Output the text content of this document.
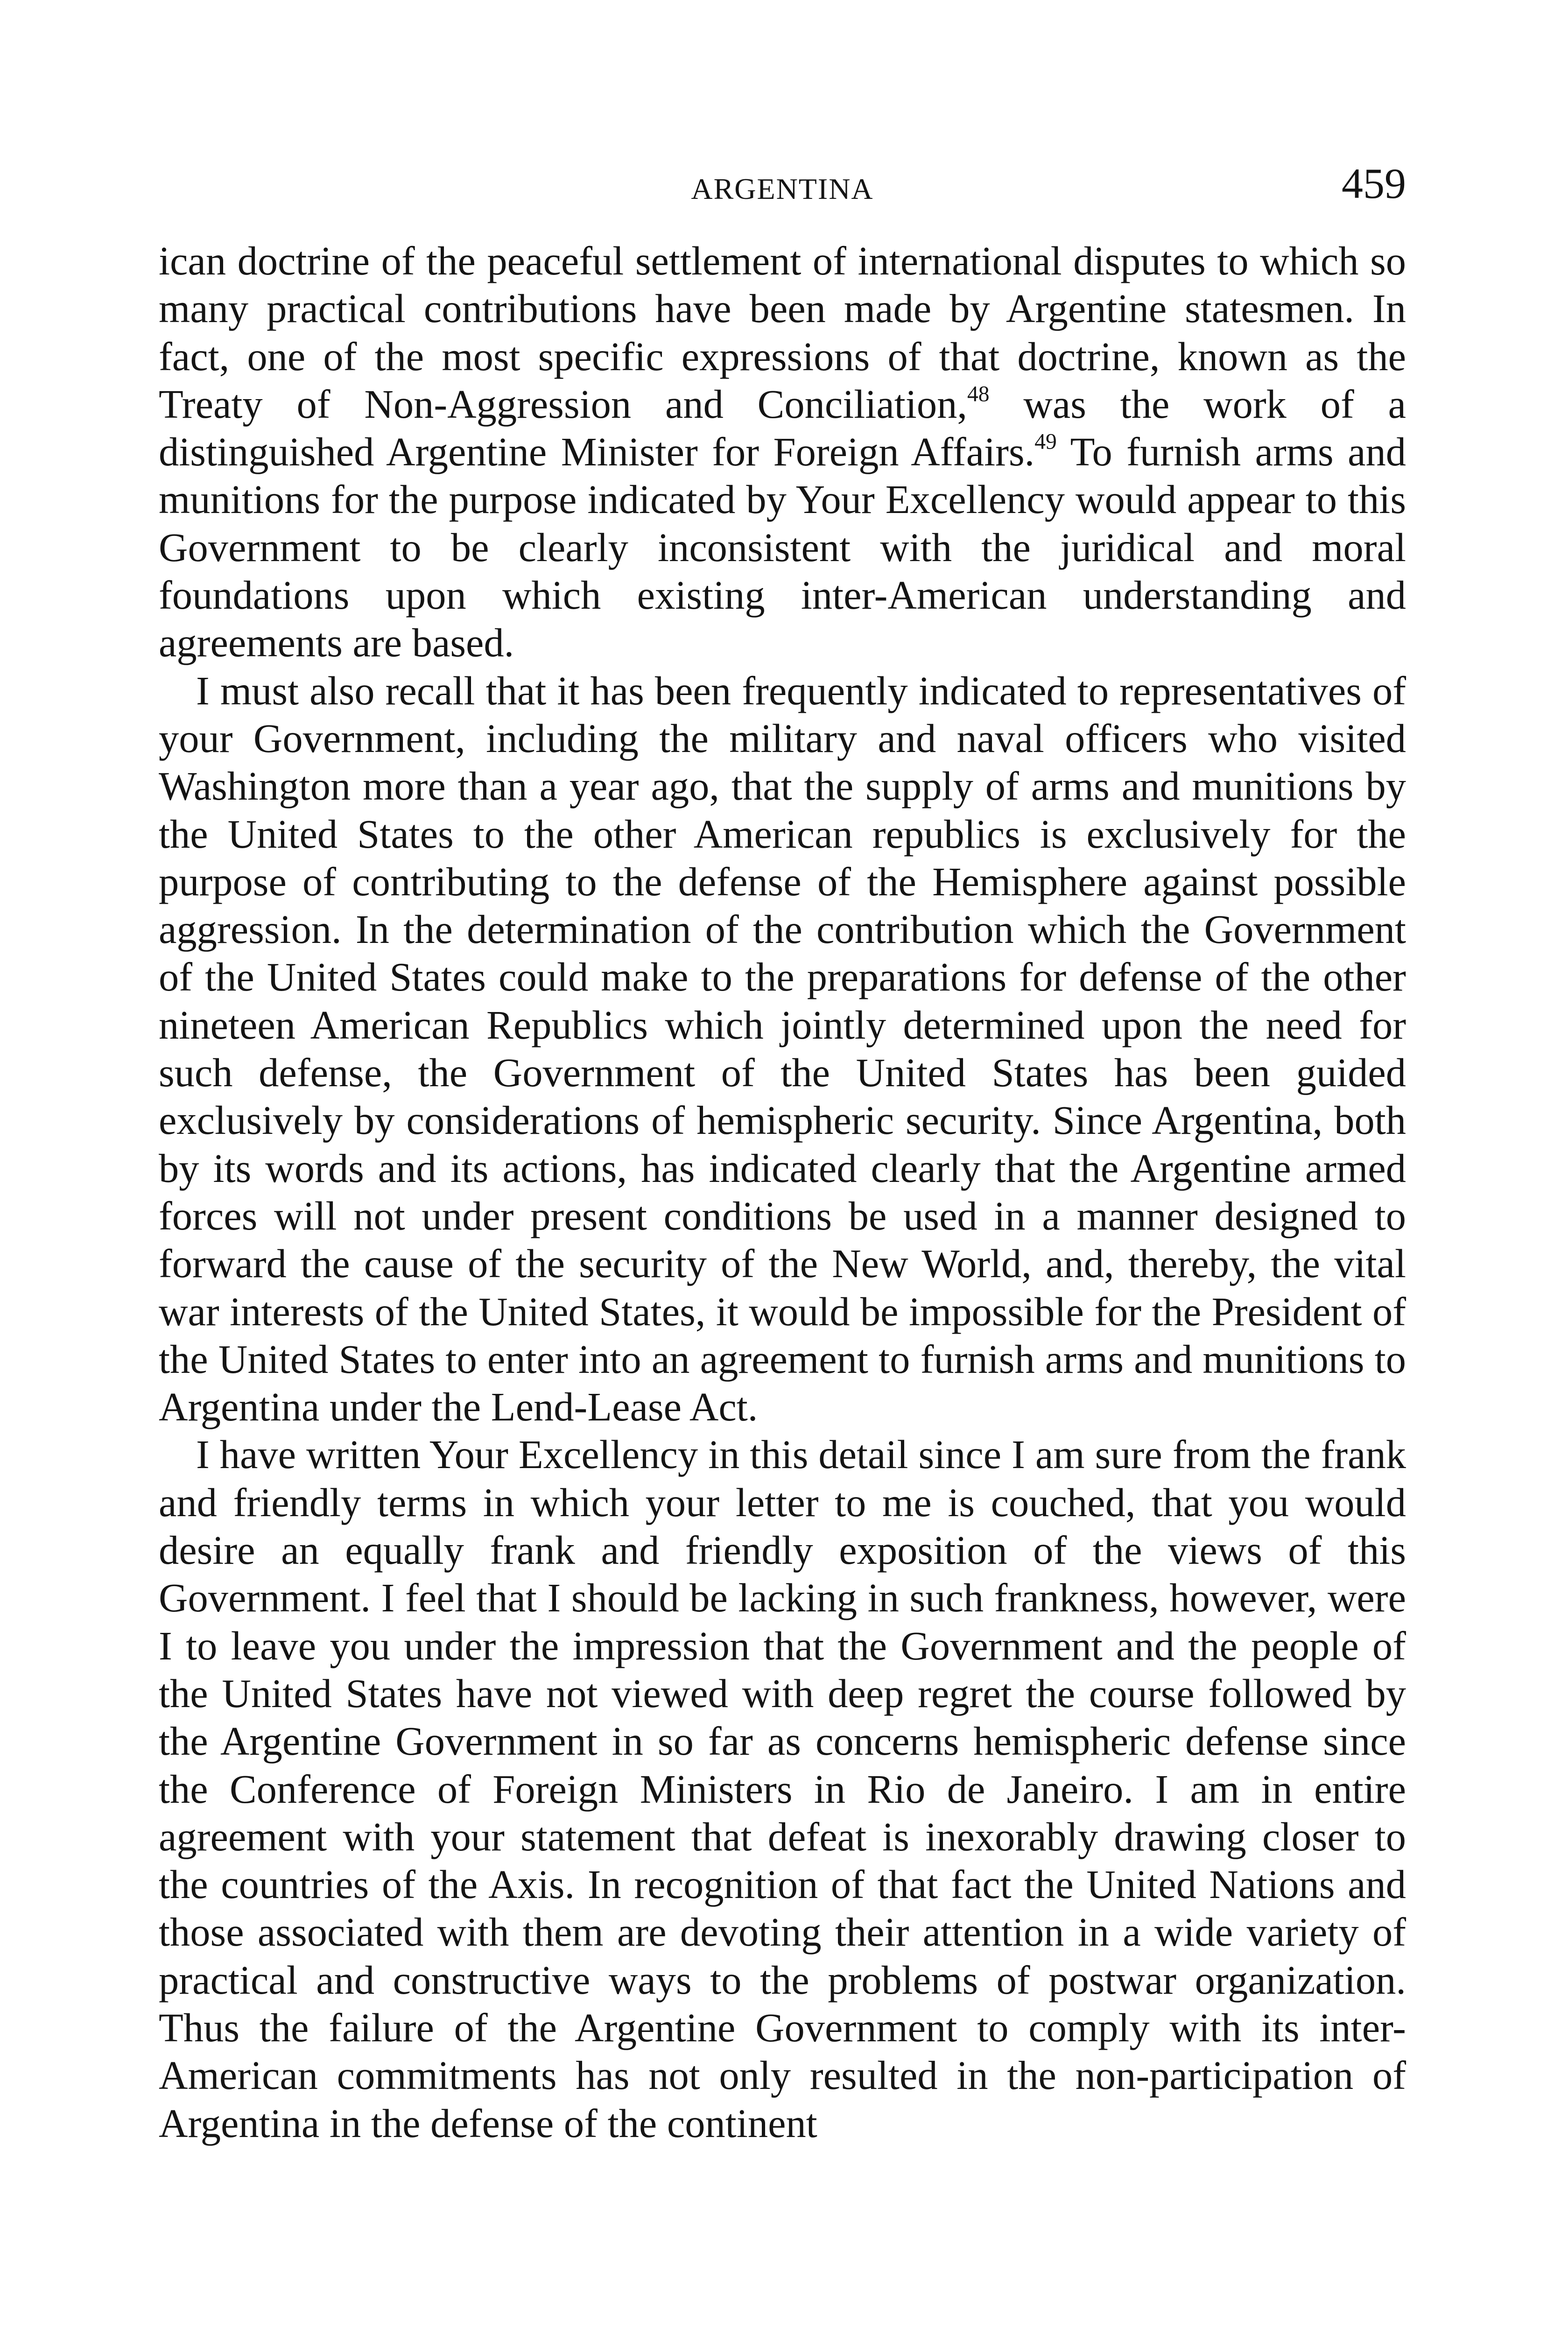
ARGENTINA	459

ican doctrine of the peaceful settlement of international disputes to which so many practical contributions have been made by Argentine statesmen. In fact, one of the most specific expressions of that doctrine, known as the Treaty of Non-Aggression and Conciliation,$^{48}$ was the work of a distinguished Argentine Minister for Foreign Affairs.$^{49}$ To furnish arms and munitions for the purpose indicated by Your Excellency would appear to this Government to be clearly inconsistent with the juridical and moral foundations upon which existing inter-American understanding and agreements are based.

I must also recall that it has been frequently indicated to representatives of your Government, including the military and naval officers who visited Washington more than a year ago, that the supply of arms and munitions by the United States to the other American republics is exclusively for the purpose of contributing to the defense of the Hemisphere against possible aggression. In the determination of the contribution which the Government of the United States could make to the preparations for defense of the other nineteen American Republics which jointly determined upon the need for such defense, the Government of the United States has been guided exclusively by considerations of hemispheric security. Since Argentina, both by its words and its actions, has indicated clearly that the Argentine armed forces will not under present conditions be used in a manner designed to forward the cause of the security of the New World, and, thereby, the vital war interests of the United States, it would be impossible for the President of the United States to enter into an agreement to furnish arms and munitions to Argentina under the Lend-Lease Act.

I have written Your Excellency in this detail since I am sure from the frank and friendly terms in which your letter to me is couched, that you would desire an equally frank and friendly exposition of the views of this Government. I feel that I should be lacking in such frankness, however, were I to leave you under the impression that the Government and the people of the United States have not viewed with deep regret the course followed by the Argentine Government in so far as concerns hemispheric defense since the Conference of Foreign Ministers in Rio de Janeiro. I am in entire agreement with your statement that defeat is inexorably drawing closer to the countries of the Axis. In recognition of that fact the United Nations and those associated with them are devoting their attention in a wide variety of practical and constructive ways to the problems of postwar organization. Thus the failure of the Argentine Government to comply with its inter-American commitments has not only resulted in the non-participation of Argentina in the defense of the continent
